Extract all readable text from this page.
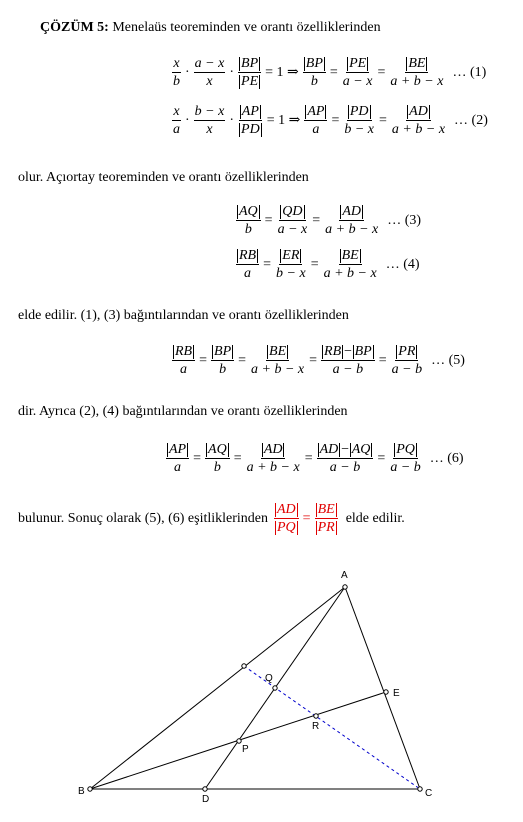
ÇÖZÜM 5: Menelaüs teoreminden ve orantı özelliklerinden
$\frac{x}{b} \cdot \frac{a - x}{x} \cdot \frac{BP}{PE} = 1$ ⇒ $\frac{BP}{b} = \frac{PE}{a - x} = \frac{BE}{a + b - x}$ … (1)
$\frac{x}{a} \cdot \frac{b - x}{x} \cdot \frac{AP}{PD} = 1$ ⇒ $\frac{AP}{a} = \frac{PD}{b - x} = \frac{AD}{a + b - x}$ … (2)
olur. Açıortay teoreminden ve orantı özelliklerinden
$\frac{AQ}{b} = \frac{QD}{a - x} = \frac{AD}{a + b - x}$ … (3)
$\frac{RB}{a} = \frac{ER}{b - x} = \frac{BE}{a + b - x}$ … (4)
elde edilir. (1), (3) bağıntılarından ve orantı özelliklerinden
$\frac{RB}{a} = \frac{BP}{b} = \frac{BE}{a + b - x} = \frac{RB - BP}{a - b} = \frac{PR}{a - b}$ … (5)
dir. Ayrıca (2), (4) bağıntılarından ve orantı özelliklerinden
$\frac{AP}{a} = \frac{AQ}{b} = \frac{AD}{a + b - x} = \frac{AD - AQ}{a - b} = \frac{PQ}{a - b}$ … (6)
bulunur. Sonuç olarak (5), (6) eşitliklerinden $\frac{AD}{PQ} = \frac{BE}{PR}$ elde edilir.
A
B	C
D
E
P
Q
R
